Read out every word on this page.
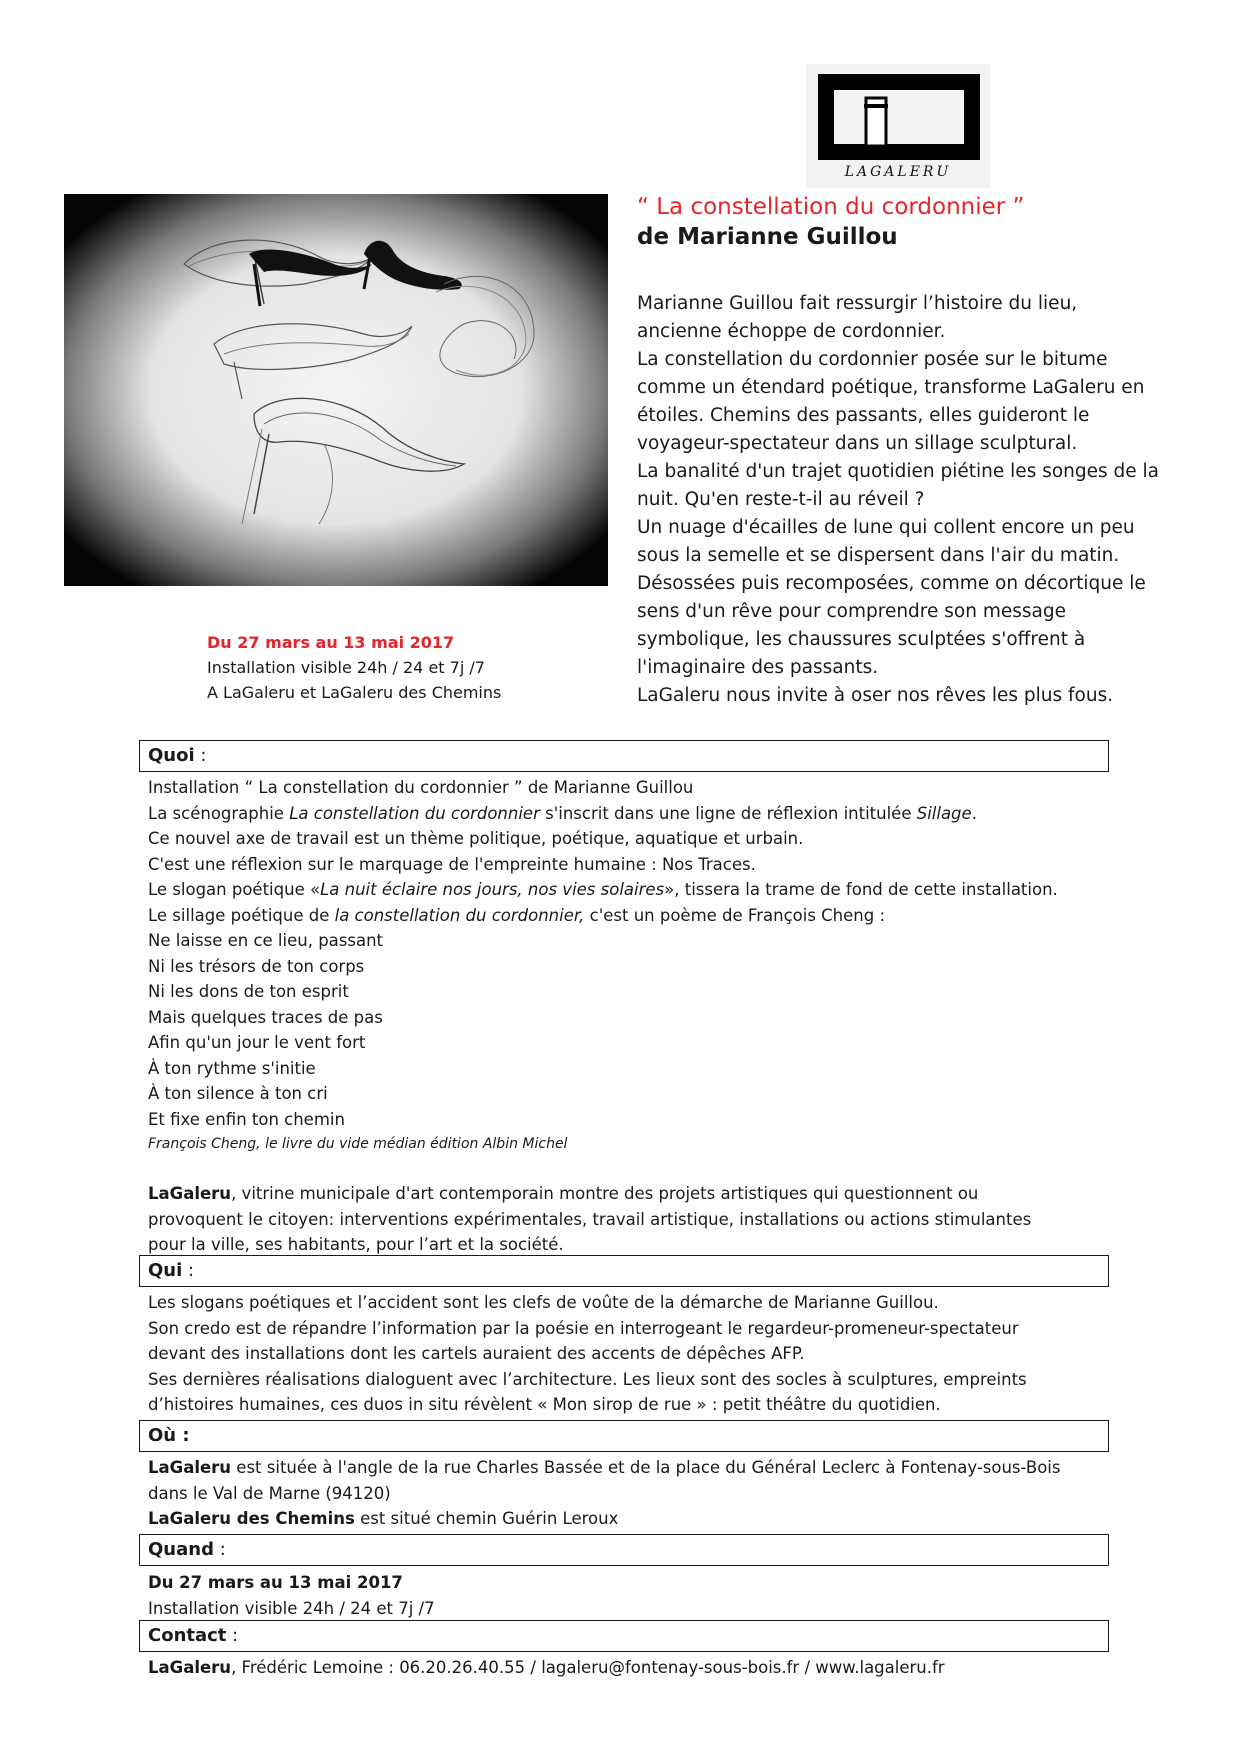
LAGALERU
“ La constellation du cordonnier ”
de Marianne Guillou

Marianne Guillou fait ressurgir l’histoire du lieu,

ancienne échoppe de cordonnier.

La constellation du cordonnier posée sur le bitume

comme un étendard poétique, transforme LaGaleru en

étoiles. Chemins des passants, elles guideront le

voyageur-spectateur dans un sillage sculptural.

La banalité d'un trajet quotidien piétine les songes de la

nuit. Qu'en reste-t-il au réveil ?

Un nuage d'écailles de lune qui collent encore un peu

sous la semelle et se dispersent dans l'air du matin.

Désossées puis recomposées, comme on décortique le

sens d'un rêve pour comprendre son message

symbolique, les chaussures sculptées s'offrent à

l'imaginaire des passants.

LaGaleru nous invite à oser nos rêves les plus fous.

Du 27 mars au 13 mai 2017

Installation visible 24h / 24 et 7j /7

A LaGaleru et LaGaleru des Chemins

Quoi :

Installation “ La constellation du cordonnier ” de Marianne Guillou

La scénographie La constellation du cordonnier s'inscrit dans une ligne de réflexion intitulée Sillage.

Ce nouvel axe de travail est un thème politique, poétique, aquatique et urbain.

C'est une réflexion sur le marquage de l'empreinte humaine : Nos Traces.

Le slogan poétique «La nuit éclaire nos jours, nos vies solaires», tissera la trame de fond de cette installation.

Le sillage poétique de la constellation du cordonnier, c'est un poème de François Cheng :

Ne laisse en ce lieu, passant

Ni les trésors de ton corps

Ni les dons de ton esprit

Mais quelques traces de pas

Afin qu'un jour le vent fort

À ton rythme s'initie

À ton silence à ton cri

Et fixe enfin ton chemin

François Cheng, le livre du vide médian édition Albin Michel

LaGaleru, vitrine municipale d'art contemporain montre des projets artistiques qui questionnent ou

provoquent le citoyen: interventions expérimentales, travail artistique, installations ou actions stimulantes

pour la ville, ses habitants, pour l’art et la société.

Qui :

Les slogans poétiques et l’accident sont les clefs de voûte de la démarche de Marianne Guillou.

Son credo est de répandre l’information par la poésie en interrogeant le regardeur-promeneur-spectateur

devant des installations dont les cartels auraient des accents de dépêches AFP.

Ses dernières réalisations dialoguent avec l’architecture. Les lieux sont des socles à sculptures, empreints

d’histoires humaines, ces duos in situ révèlent « Mon sirop de rue » : petit théâtre du quotidien.

Où :

LaGaleru est située à l'angle de la rue Charles Bassée et de la place du Général Leclerc à Fontenay-sous-Bois

dans le Val de Marne (94120)

LaGaleru des Chemins est situé chemin Guérin Leroux

Quand :

Du 27 mars au 13 mai 2017

Installation visible 24h / 24 et 7j /7

Contact :

LaGaleru, Frédéric Lemoine : 06.20.26.40.55 / lagaleru@fontenay-sous-bois.fr / www.lagaleru.fr
